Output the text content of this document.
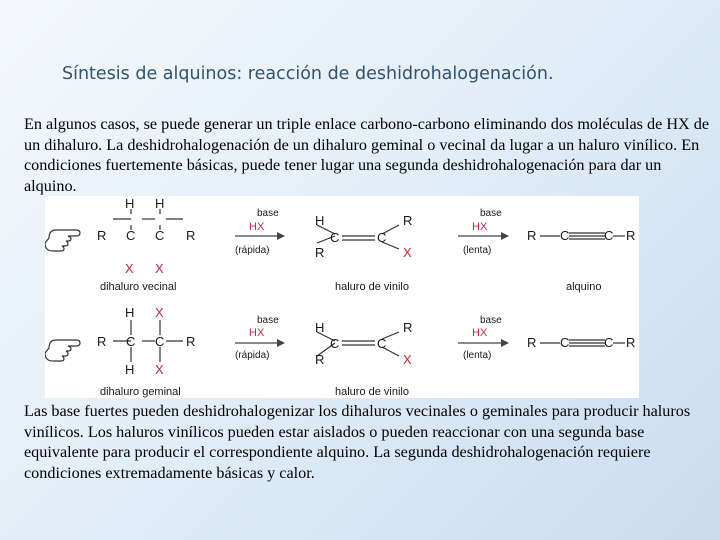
Síntesis de alquinos: reacción de deshidrohalogenación.
En algunos casos, se puede generar un triple enlace carbono-carbono eliminando dos moléculas de HX de un dihaluro. La deshidrohalogenación de un dihaluro geminal o vecinal da lugar a un haluro vinílico. En condiciones fuertemente básicas, puede tener lugar una segunda deshidrohalogenación para dar un alquino.
H H
R C C R
X X
dihaluro vecinal
base
HX
(rápida)
H
R
C	C
R
X
haluro de vinilo
base
HX
(lenta)
R C	C R
alquino
H X
R C C R
H X
dihaluro geminal
base
HX
(rápida)
H
R
C	C
R
X
haluro de vinilo
base
HX
(lenta)
R C	C R
Las base fuertes pueden deshidrohalogenizar los dihaluros vecinales o geminales para producir haluros vinílicos. Los haluros vinílicos pueden estar aislados o pueden reaccionar con una segunda base equivalente para producir el correspondiente alquino. La segunda deshidrohalogenación requiere condiciones extremadamente básicas y calor.
